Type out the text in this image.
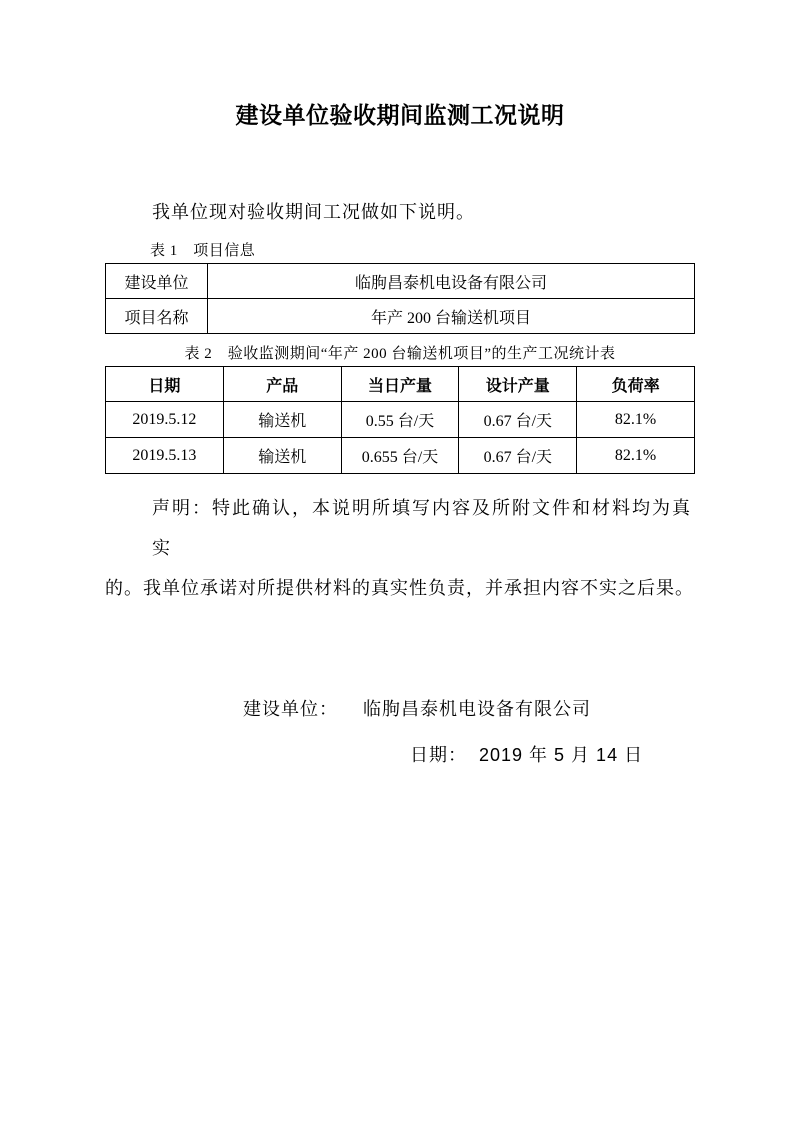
建设单位验收期间监测工况说明

我单位现对验收期间工况做如下说明。

表 1　项目信息
建设单位	临朐昌泰机电设备有限公司
项目名称	年产 200 台输送机项目
表 2　验收监测期间“年产 200 台输送机项目”的生产工况统计表
日期	产品	当日产量	设计产量	负荷率
2019.5.12	输送机	0.55 台/天	0.67 台/天	82.1%
2019.5.13	输送机	0.655 台/天	0.67 台/天	82.1%
声明：特此确认，本说明所填写内容及所附文件和材料均为真实
的。我单位承诺对所提供材料的真实性负责，并承担内容不实之后果。
建设单位： 临朐昌泰机电设备有限公司
日期： 2019 年 5 月 14 日
